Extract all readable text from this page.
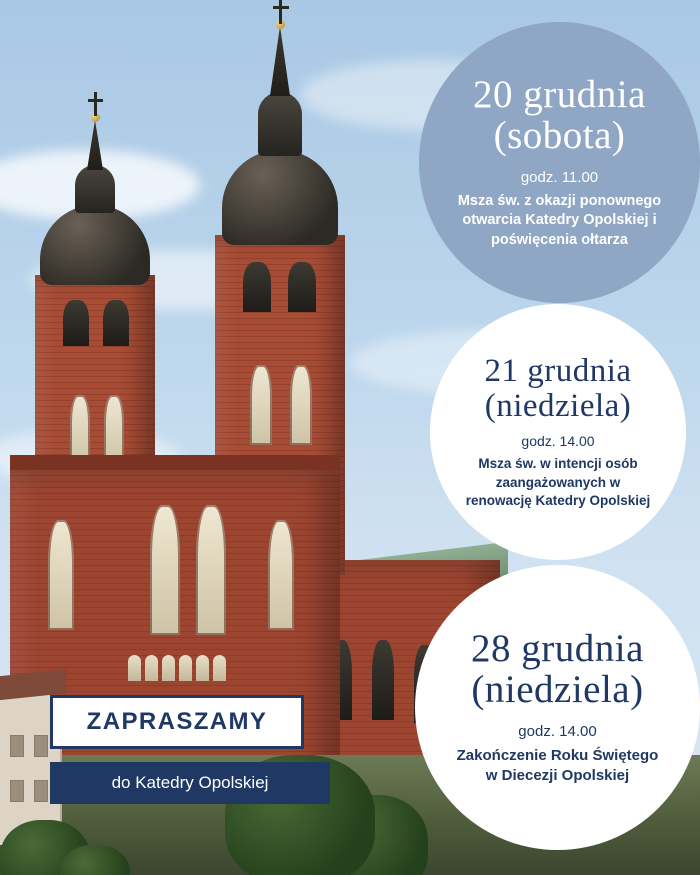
20 grudnia
(sobota)
godz. 11.00
Msza św. z okazji ponownego otwarcia Katedry Opolskiej i poświęcenia ołtarza
21 grudnia
(niedziela)
godz. 14.00
Msza św. w intencji osób zaangażowanych w renowację Katedry Opolskiej
28 grudnia
(niedziela)
godz. 14.00
Zakończenie Roku Świętego w Diecezji Opolskiej
ZAPRASZAMY
do Katedry Opolskiej
